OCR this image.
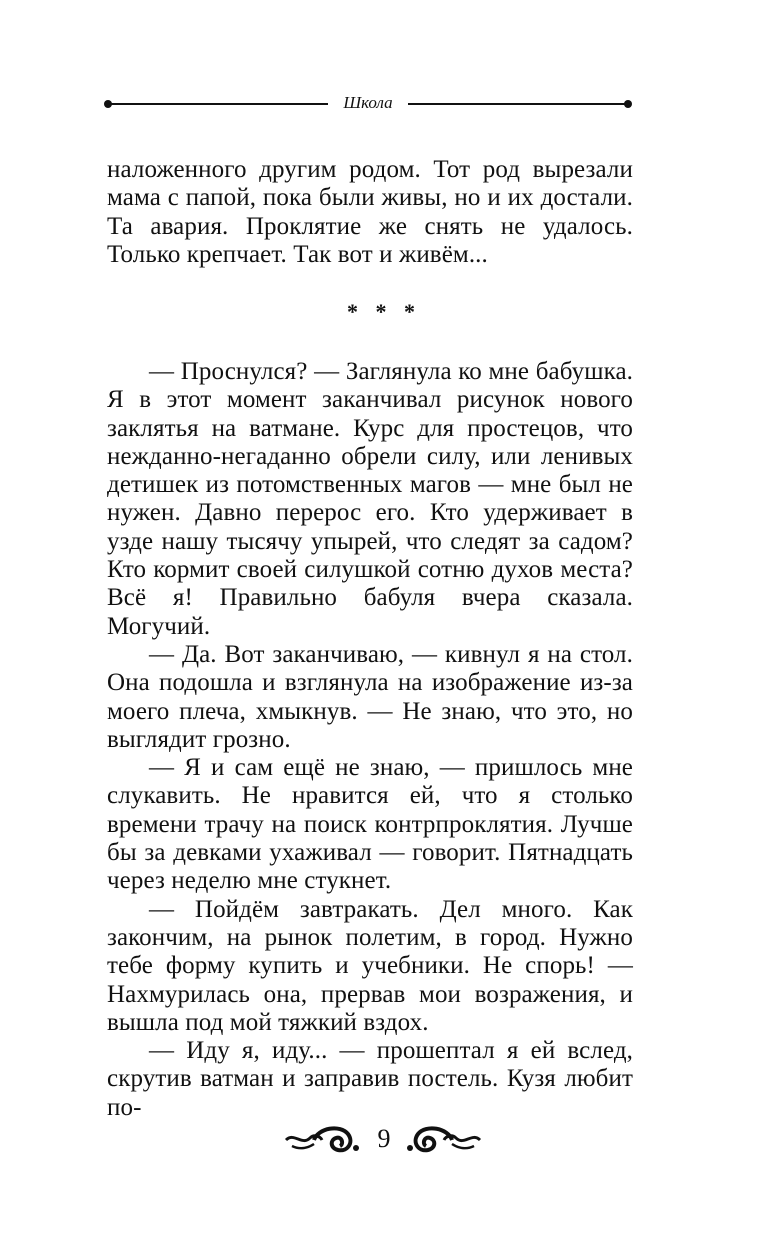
Школа

наложенного другим родом. Тот род вырезали мама с папой, пока были живы, но и их достали. Та авария. Проклятие же снять не удалось. Только крепчает. Так вот и живём...

* * *

— Проснулся? — Заглянула ко мне бабушка. Я в этот момент заканчивал рисунок нового заклятья на ватмане. Курс для простецов, что нежданно-негаданно обрели силу, или ленивых детишек из потомственных магов — мне был не нужен. Давно перерос его. Кто удерживает в узде нашу тысячу упырей, что следят за садом? Кто кормит своей силушкой сотню духов места? Всё я! Правильно бабуля вчера сказала. Могучий.

— Да. Вот заканчиваю, — кивнул я на стол. Она подошла и взглянула на изображение из-за моего плеча, хмыкнув. — Не знаю, что это, но выглядит грозно.

— Я и сам ещё не знаю, — пришлось мне слукавить. Не нравится ей, что я столько времени трачу на поиск контрпроклятия. Лучше бы за девками ухаживал — говорит. Пятнадцать через неделю мне стукнет.

— Пойдём завтракать. Дел много. Как закончим, на рынок полетим, в город. Нужно тебе форму купить и учебники. Не спорь! — Нахмурилась она, прервав мои возражения, и вышла под мой тяжкий вздох.

— Иду я, иду... — прошептал я ей вслед, скрутив ватман и заправив постель. Кузя любит по-

9
